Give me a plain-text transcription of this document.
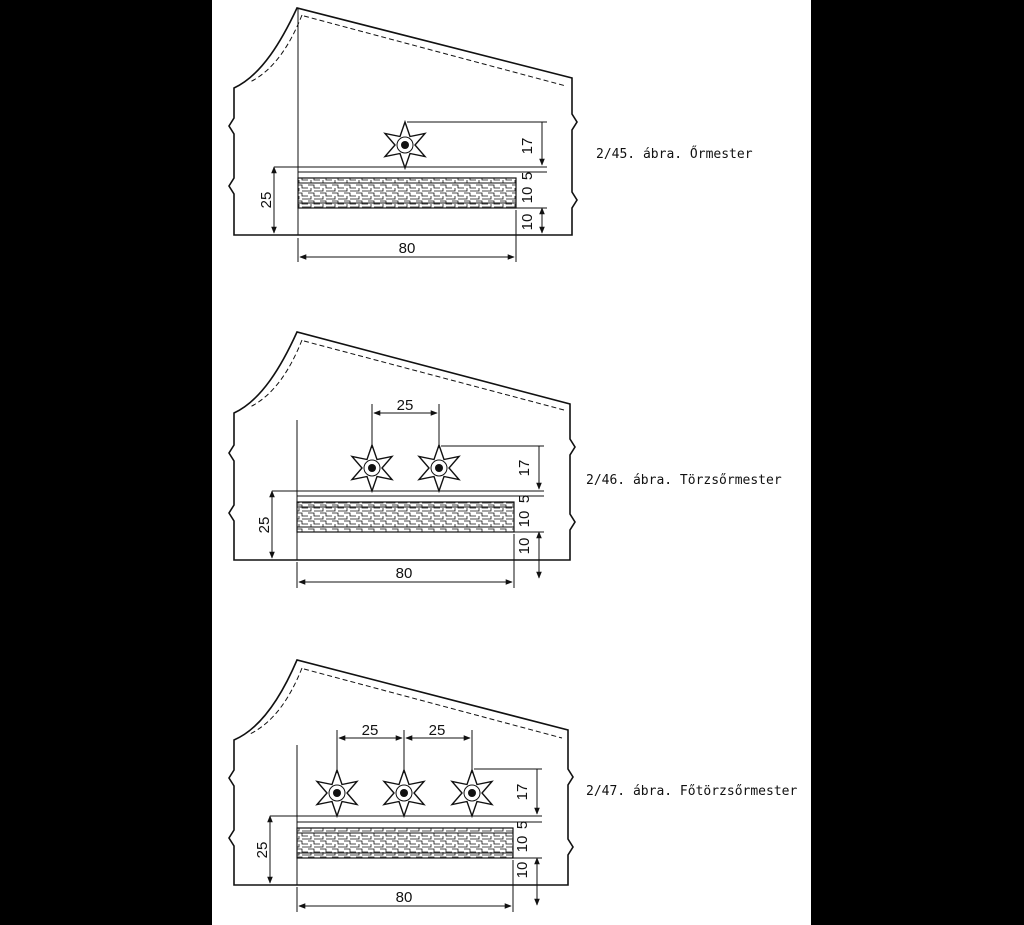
17
5
10
10
25
80
2/45. ábra. Őrmester
25
17
5
10
10
25
80
2/46. ábra. Törzsőrmester
25	25
17
5
10
10
25
80
2/47. ábra. Főtörzsőrmester
